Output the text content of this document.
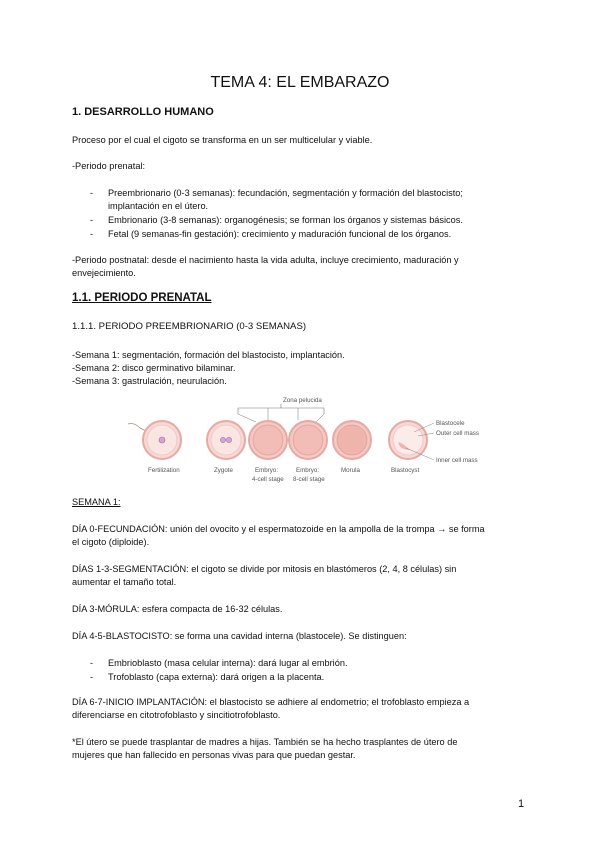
TEMA 4: EL EMBARAZO
1. DESARROLLO HUMANO
Proceso por el cual el cigoto se transforma en un ser multicelular y viable.
-Periodo prenatal:
- Preembrionario (0-3 semanas): fecundación, segmentación y formación del blastocisto;
implantación en el útero.
- Embrionario (3-8 semanas): organogénesis; se forman los órganos y sistemas básicos.
- Fetal (9 semanas-fin gestación): crecimiento y maduración funcional de los órganos.
-Periodo postnatal: desde el nacimiento hasta la vida adulta, incluye crecimiento, maduración y
envejecimiento.
1.1. PERIODO PRENATAL
1.1.1. PERIODO PREEMBRIONARIO (0-3 SEMANAS)
-Semana 1: segmentación, formación del blastocisto, implantación.
-Semana 2: disco germinativo bilaminar.
-Semana 3: gastrulación, neurulación.
Zona pelucida
Blastocele
Outer cell mass
Inner cell mass
Fertilization	Zygote	Embryo:
4-cell stage
Embryo:
8-cell stage
Morula	Blastocyst
SEMANA 1:
DÍA 0-FECUNDACIÓN: unión del ovocito y el espermatozoide en la ampolla de la trompa → se forma
el cigoto (diploide).
DÍAS 1-3-SEGMENTACIÓN: el cigoto se divide por mitosis en blastómeros (2, 4, 8 células) sin
aumentar el tamaño total.
DÍA 3-MÓRULA: esfera compacta de 16-32 células.
DÍA 4-5-BLASTOCISTO: se forma una cavidad interna (blastocele). Se distinguen:
- Embrioblasto (masa celular interna): dará lugar al embrión.
- Trofoblasto (capa externa): dará origen a la placenta.
DÍA 6-7-INICIO IMPLANTACIÓN: el blastocisto se adhiere al endometrio; el trofoblasto empieza a
diferenciarse en citotrofoblasto y sincitiotrofoblasto.
*El útero se puede trasplantar de madres a hijas. También se ha hecho trasplantes de útero de
mujeres que han fallecido en personas vivas para que puedan gestar.
1
